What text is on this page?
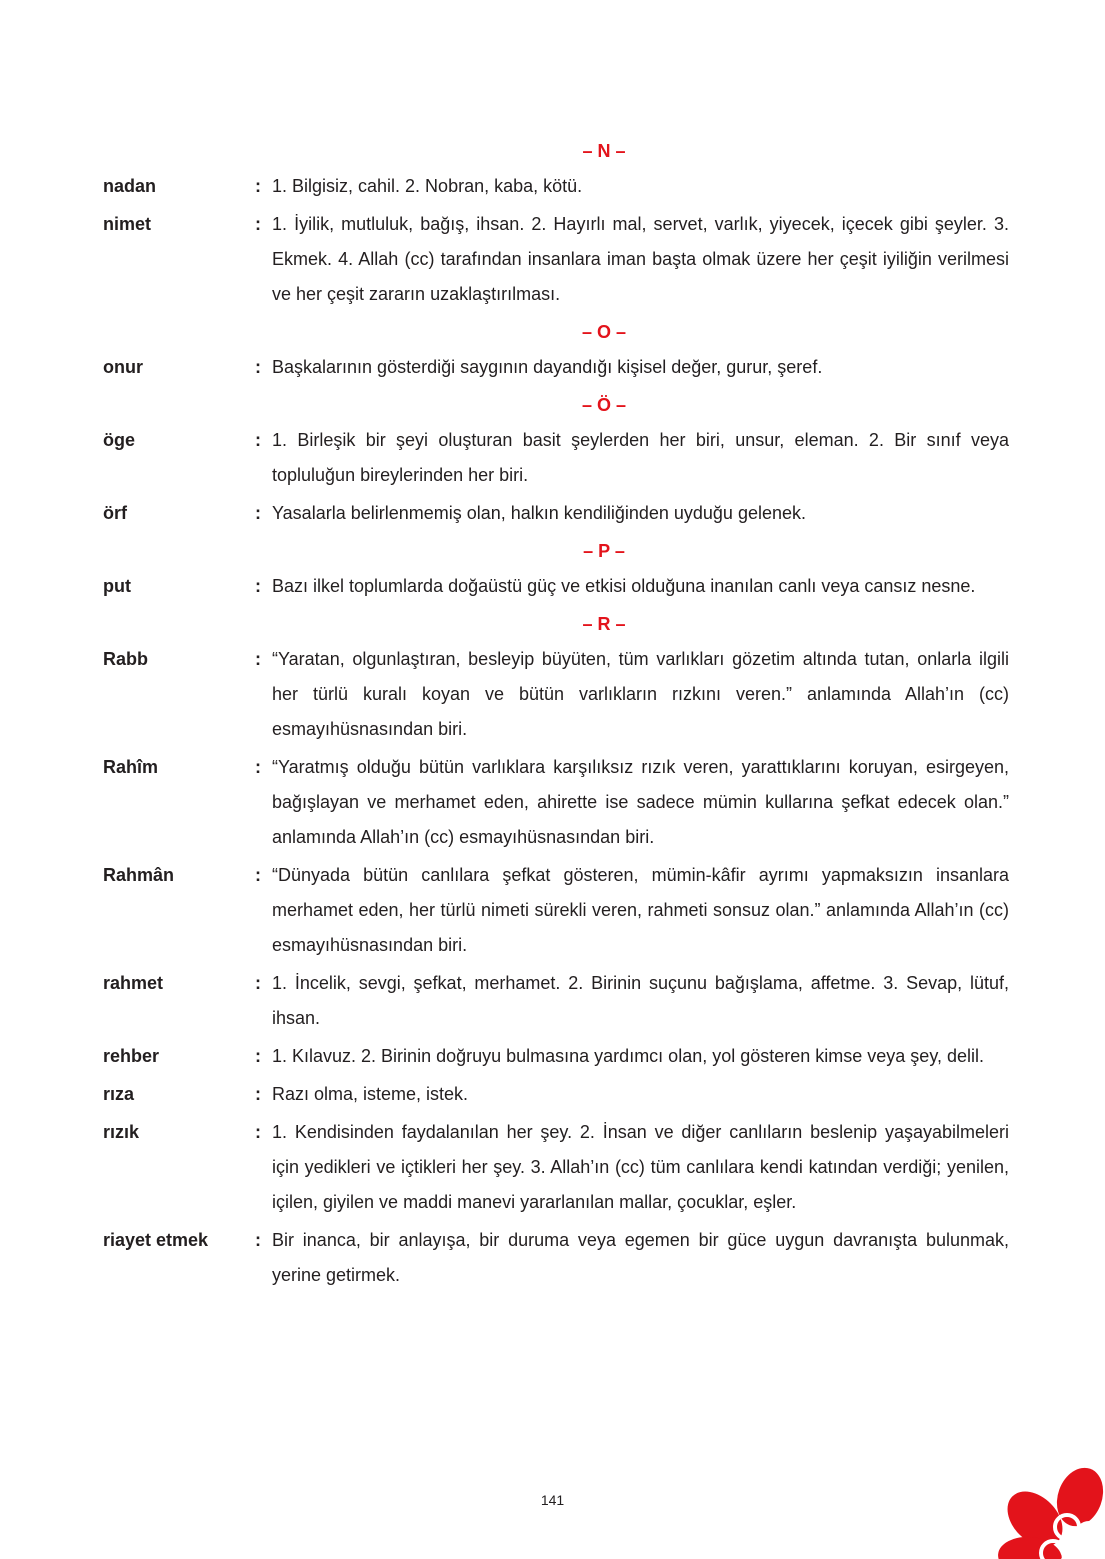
– N –
nadan	: 1. Bilgisiz, cahil. 2. Nobran, kaba, kötü.
nimet	: 1. İyilik, mutluluk, bağış, ihsan. 2. Hayırlı mal, servet, varlık, yiyecek, içecek gibi şeyler. 3. Ekmek. 4. Allah (cc) tarafından insanlara iman başta olmak üzere her çeşit iyiliğin verilmesi ve her çeşit zararın uzaklaştırılması.
– O –
onur	: Başkalarının gösterdiği saygının dayandığı kişisel değer, gurur, şeref.
– Ö –
öge	: 1. Birleşik bir şeyi oluşturan basit şeylerden her biri, unsur, eleman. 2. Bir sınıf veya topluluğun bireylerinden her biri.
örf	: Yasalarla belirlenmemiş olan, halkın kendiliğinden uyduğu gelenek.
– P –
put	: Bazı ilkel toplumlarda doğaüstü güç ve etkisi olduğuna inanılan canlı veya cansız nesne.
– R –
Rabb	: “Yaratan, olgunlaştıran, besleyip büyüten, tüm varlıkları gözetim altında tutan, onlarla ilgili her türlü kuralı koyan ve bütün varlıkların rızkını veren.” anlamında Allah’ın (cc) esmayıhüsnasından biri.
Rahîm	: “Yaratmış olduğu bütün varlıklara karşılıksız rızık veren, yarattıklarını koruyan, esirgeyen, bağışlayan ve merhamet eden, ahirette ise sadece mümin kullarına şefkat edecek olan.” anlamında Allah’ın (cc) esmayıhüsnasından biri.
Rahmân	: “Dünyada bütün canlılara şefkat gösteren, mümin-kâfir ayrımı yapmaksızın insanlara merhamet eden, her türlü nimeti sürekli veren, rahmeti sonsuz olan.” anlamında Allah’ın (cc) esmayıhüsnasından biri.
rahmet	: 1. İncelik, sevgi, şefkat, merhamet. 2. Birinin suçunu bağışlama, affetme. 3. Sevap, lütuf, ihsan.
rehber	: 1. Kılavuz. 2. Birinin doğruyu bulmasına yardımcı olan, yol gösteren kimse veya şey, delil.
rıza	: Razı olma, isteme, istek.
rızık	: 1. Kendisinden faydalanılan her şey. 2. İnsan ve diğer canlıların beslenip yaşayabilmeleri için yedikleri ve içtikleri her şey. 3. Allah’ın (cc) tüm canlılara kendi katından verdiği; yenilen, içilen, giyilen ve maddi manevi yararlanılan mallar, çocuklar, eşler.
riayet etmek	: Bir inanca, bir anlayışa, bir duruma veya egemen bir güce uygun davranışta bulunmak, yerine getirmek.
141
